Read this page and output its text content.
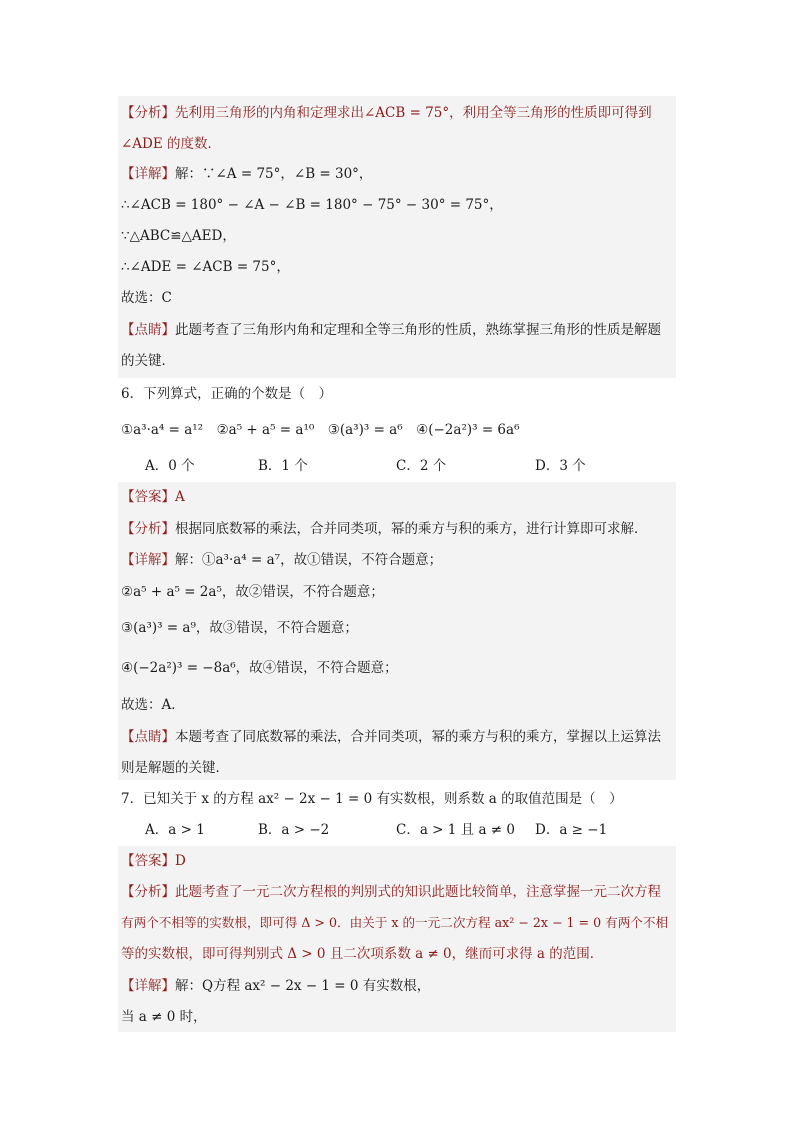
【分析】先利用三角形的内角和定理求出∠ACB = 75°，利用全等三角形的性质即可得到
∠ADE 的度数．
【详解】解：∵∠A = 75°，∠B = 30°，
∴∠ACB = 180° − ∠A − ∠B = 180° − 75° − 30° = 75°，
∵△ABC≌△AED，
∴∠ADE = ∠ACB = 75°，
故选：C
【点睛】此题考查了三角形内角和定理和全等三角形的性质，熟练掌握三角形的性质是解题
的关键．
6．下列算式，正确的个数是（　）
①a³·a⁴ = a¹²　②a⁵ + a⁵ = a¹⁰　③(a³)³ = a⁶　④(−2a²)³ = 6a⁶
A．0 个	B．1 个	C．2 个	D．3 个
【答案】A
【分析】根据同底数幂的乘法，合并同类项，幂的乘方与积的乘方，进行计算即可求解．
【详解】解：①a³·a⁴ = a⁷，故①错误，不符合题意；
②a⁵ + a⁵ = 2a⁵，故②错误，不符合题意；
③(a³)³ = a⁹，故③错误，不符合题意；
④(−2a²)³ = −8a⁶，故④错误，不符合题意；
故选：A．
【点睛】本题考查了同底数幂的乘法，合并同类项，幂的乘方与积的乘方，掌握以上运算法
则是解题的关键．
7．已知关于 x 的方程 ax² − 2x − 1 = 0 有实数根，则系数 a 的取值范围是（　）
A．a > 1	B．a > −2	C．a > 1 且 a ≠ 0 D．a ≥ −1
【答案】D
【分析】此题考查了一元二次方程根的判别式的知识此题比较简单，注意掌握一元二次方程
有两个不相等的实数根，即可得 Δ > 0．由关于 x 的一元二次方程 ax² − 2x − 1 = 0 有两个不相
等的实数根，即可得判别式 Δ > 0 且二次项系数 a ≠ 0，继而可求得 a 的范围．
【详解】解：Q方程 ax² − 2x − 1 = 0 有实数根，
当 a ≠ 0 时，
